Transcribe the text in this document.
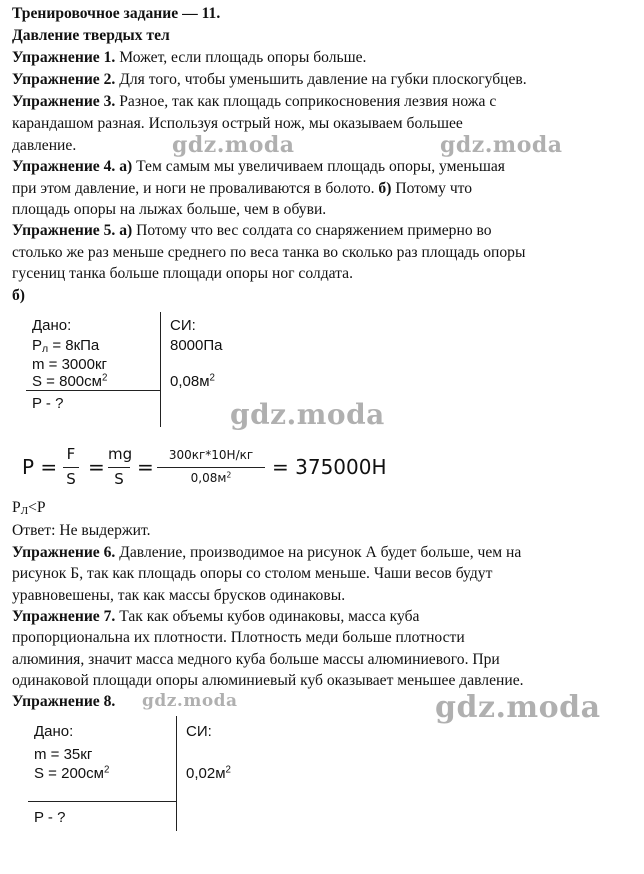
Тренировочное задание — 11.
Давление твердых тел
Упражнение 1. Может, если площадь опоры больше.
Упражнение 2. Для того, чтобы уменьшить давление на губки плоскогубцев.
Упражнение 3. Разное, так как площадь соприкосновения лезвия ножа с
карандашом разная. Используя острый нож, мы оказываем большее
давление.
Упражнение 4. а) Тем самым мы увеличиваем площадь опоры, уменьшая
при этом давление, и ноги не проваливаются в болото. б) Потому что
площадь опоры на лыжах больше, чем в обуви.
Упражнение 5. а) Потому что вес солдата со снаряжением примерно во
столько же раз меньше среднего по веса танка во сколько раз площадь опоры
гусениц танка больше площади опоры ног солдата.
б)
Дано:	СИ:
$P_л = 8кПа$	8000Па
m = 3000кг
$S = 800см^2$	$0,08м^2$
P - ?
P =
F
S =
mg
S =	300кг*10Н/кг
$0,08м^2$	= 375000Н
$P_Л<P$
Ответ: Не выдержит.
Упражнение 6. Давление, производимое на рисунок А будет больше, чем на
рисунок Б, так как площадь опоры со столом меньше. Чаши весов будут
уравновешены, так как массы брусков одинаковы.
Упражнение 7. Так как объемы кубов одинаковы, масса куба
пропорциональна их плотности. Плотность меди больше плотности
алюминия, значит масса медного куба больше массы алюминиевого. При
одинаковой площади опоры алюминиевый куб оказывает меньшее давление.
Упражнение 8.
Дано:	СИ:
m = 35кг
$S = 200см^2$	$0,02м^2$
P - ?
gdz.moda	gdz.moda
gdz.moda
gdz.moda	gdz.moda
